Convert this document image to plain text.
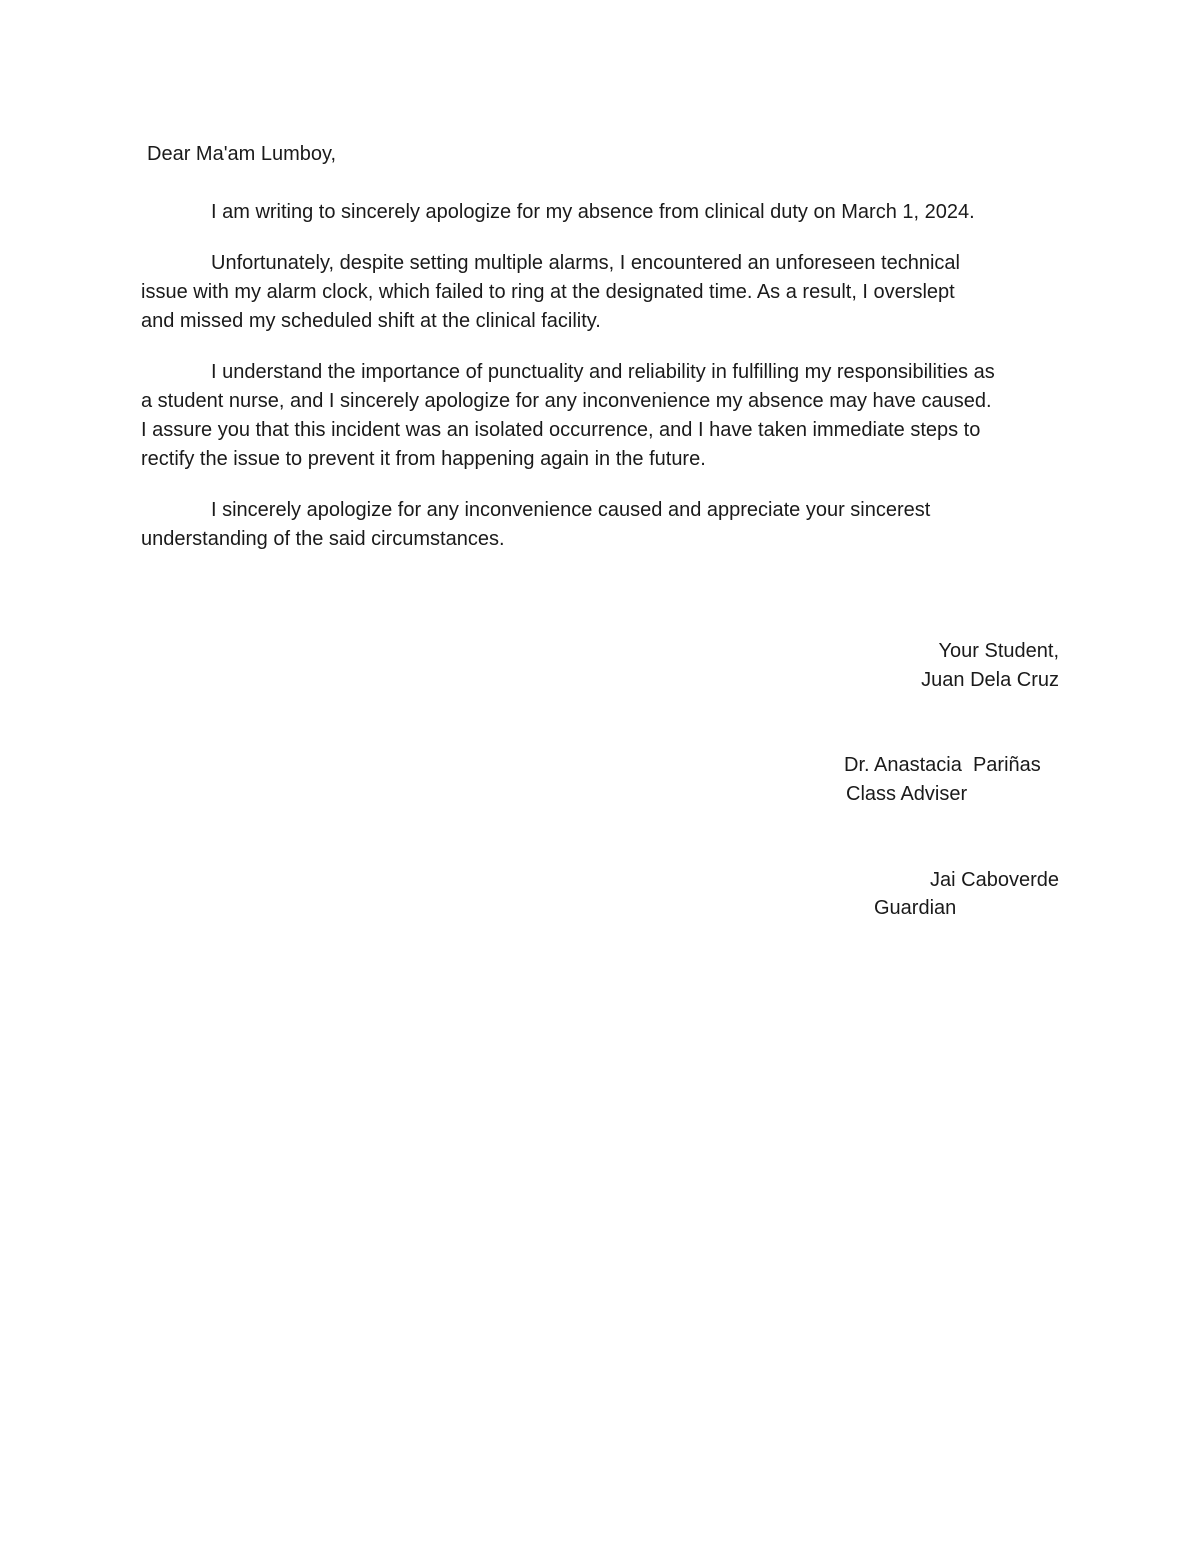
Dear Ma'am Lumboy,

I am writing to sincerely apologize for my absence from clinical duty on March 1, 2024.

Unfortunately, despite setting multiple alarms, I encountered an unforeseen technical
issue with my alarm clock, which failed to ring at the designated time. As a result, I overslept
and missed my scheduled shift at the clinical facility.

I understand the importance of punctuality and reliability in fulfilling my responsibilities as
a student nurse, and I sincerely apologize for any inconvenience my absence may have caused.
I assure you that this incident was an isolated occurrence, and I have taken immediate steps to
rectify the issue to prevent it from happening again in the future.

I sincerely apologize for any inconvenience caused and appreciate your sincerest
understanding of the said circumstances.

Your Student,

Juan Dela Cruz

Dr. Anastacia  Pariñas

Class Adviser

Jai Caboverde

Guardian
